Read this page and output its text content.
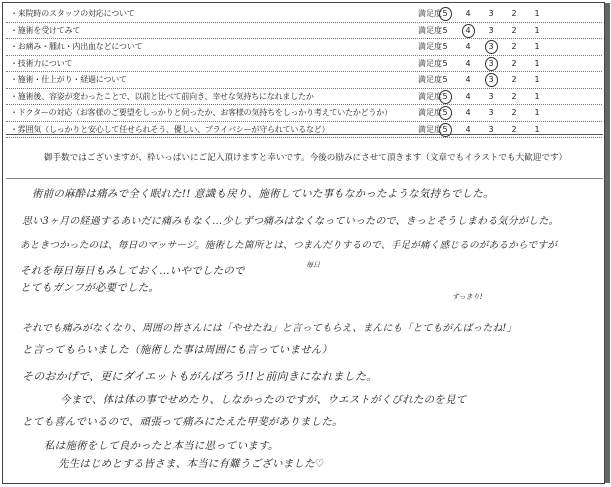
・来院時のスタッフの対応について	満足度 5	4	3	2	1
・施術を受けてみて	満足度 5	4	3	2	1
・お痛み・腫れ・内出血などについて	満足度 5	4	3	2	1
・技術力について	満足度 5	4	3	2	1
・施術・仕上がり・経過について	満足度 5	4	3	2	1
・施術後、容姿が変わったことで、以前と比べて前向き、幸せな気持ちになれましたか	満足度 5	4	3	2	1
・ドクターの対応（お客様のご要望をしっかりと伺ったか、お客様の気持ちをしっかり考えていたかどうか）	満足度 5	4	3	2	1
・雰囲気（しっかりと安心して任せられそう、優しい、プライバシーが守られているなど）	満足度 5	4	3	2	1
御手数ではございますが、枠いっぱいにご記入頂けますと幸いです。今後の励みにさせて頂きます（文章でもイラストでも大歓迎です）
術前の麻酔は痛みで全く眠れた!! 意識も戻り、施術していた事もなかったような気持ちでした。
思い3ヶ月の経過するあいだに痛みもなく…少しずつ痛みはなくなっていったので、きっとそうしまわる気分がした。
あときつかったのは、毎日のマッサージ。施術した箇所とは、つまんだりするので、手足が痛く感じるのがあるからですが
毎日
それを毎日毎日もみしておく…いやでしたので
とてもガンフが必要でした。
すっきり!
それでも痛みがなくなり、周囲の皆さんには「やせたね」と言ってもらえ、まんにも「とてもがんばったね!」
と言ってもらいました（施術した事は周囲にも言っていません）
そのおかげで、更にダイエットもがんばろう!!と前向きになれました。
今まで、体は体の事でせめたり、しなかったのですが、ウエストがくびれたのを見て
とても喜んでいるので、頑張って痛みにたえた甲斐がありました。
私は施術をして良かったと本当に思っています。
先生はじめとする皆さま、本当に有難うございました♡
